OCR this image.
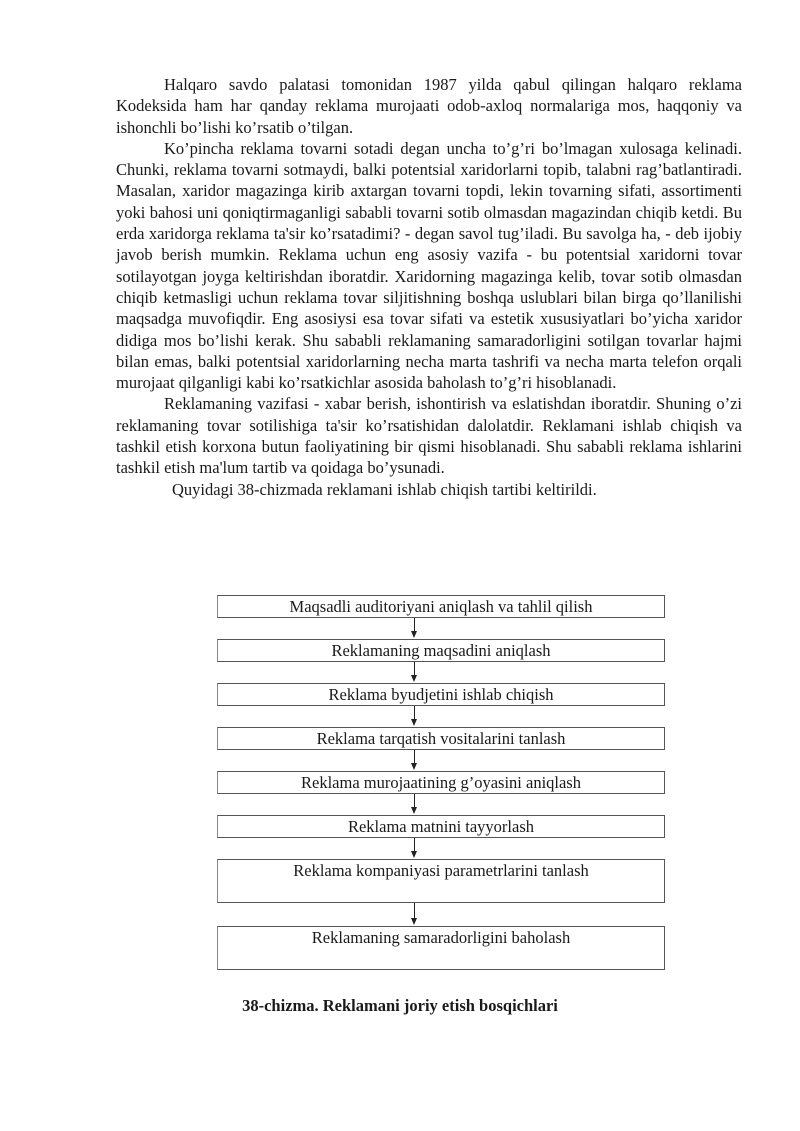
Halqaro savdo palatasi tomonidan 1987 yilda qabul qilingan halqaro reklama Kodeksida ham har qanday reklama murojaati odob-axloq normalariga mos, haqqoniy va ishonchli bo’lishi ko’rsatib o’tilgan.

Ko’pincha reklama tovarni sotadi degan uncha to’g’ri bo’lmagan xulosaga kelinadi. Chunki, reklama tovarni sotmaydi, balki potentsial xaridorlarni topib, talabni rag’batlantiradi. Masalan, xaridor magazinga kirib axtargan tovarni topdi, lekin tovarning sifati, assortimenti yoki bahosi uni qoniqtirmaganligi sababli tovarni sotib olmasdan magazindan chiqib ketdi. Bu erda xaridorga reklama ta'sir ko’rsatadimi? - degan savol tug’iladi. Bu savolga ha, - deb ijobiy javob berish mumkin. Reklama uchun eng asosiy vazifa - bu potentsial xaridorni tovar sotilayotgan joyga keltirishdan iboratdir. Xaridorning magazinga kelib, tovar sotib olmasdan chiqib ketmasligi uchun reklama tovar siljitishning boshqa uslublari bilan birga qo’llanilishi maqsadga muvofiqdir. Eng asosiysi esa tovar sifati va estetik xususiyatlari bo’yicha xaridor didiga mos bo’lishi kerak. Shu sababli reklamaning samaradorligini sotilgan tovarlar hajmi bilan emas, balki potentsial xaridorlarning necha marta tashrifi va necha marta telefon orqali murojaat qilganligi kabi ko’rsatkichlar asosida baholash to’g’ri hisoblanadi.

Reklamaning vazifasi - xabar berish, ishontirish va eslatishdan iboratdir. Shuning o’zi reklamaning tovar sotilishiga ta'sir ko’rsatishidan dalolatdir. Reklamani ishlab chiqish va tashkil etish korxona butun faoliyatining bir qismi hisoblanadi. Shu sababli reklama ishlarini tashkil etish ma'lum tartib va qoidaga bo’ysunadi.

Quyidagi 38-chizmada reklamani ishlab chiqish tartibi keltirildi.

Maqsadli auditoriyani aniqlash va tahlil qilish
Reklamaning maqsadini aniqlash
Reklama byudjetini ishlab chiqish
Reklama tarqatish vositalarini tanlash
Reklama murojaatining g’oyasini aniqlash
Reklama matnini tayyorlash
Reklama kompaniyasi parametrlarini tanlash
Reklamaning samaradorligini baholash
38-chizma. Reklamani joriy etish bosqichlari
